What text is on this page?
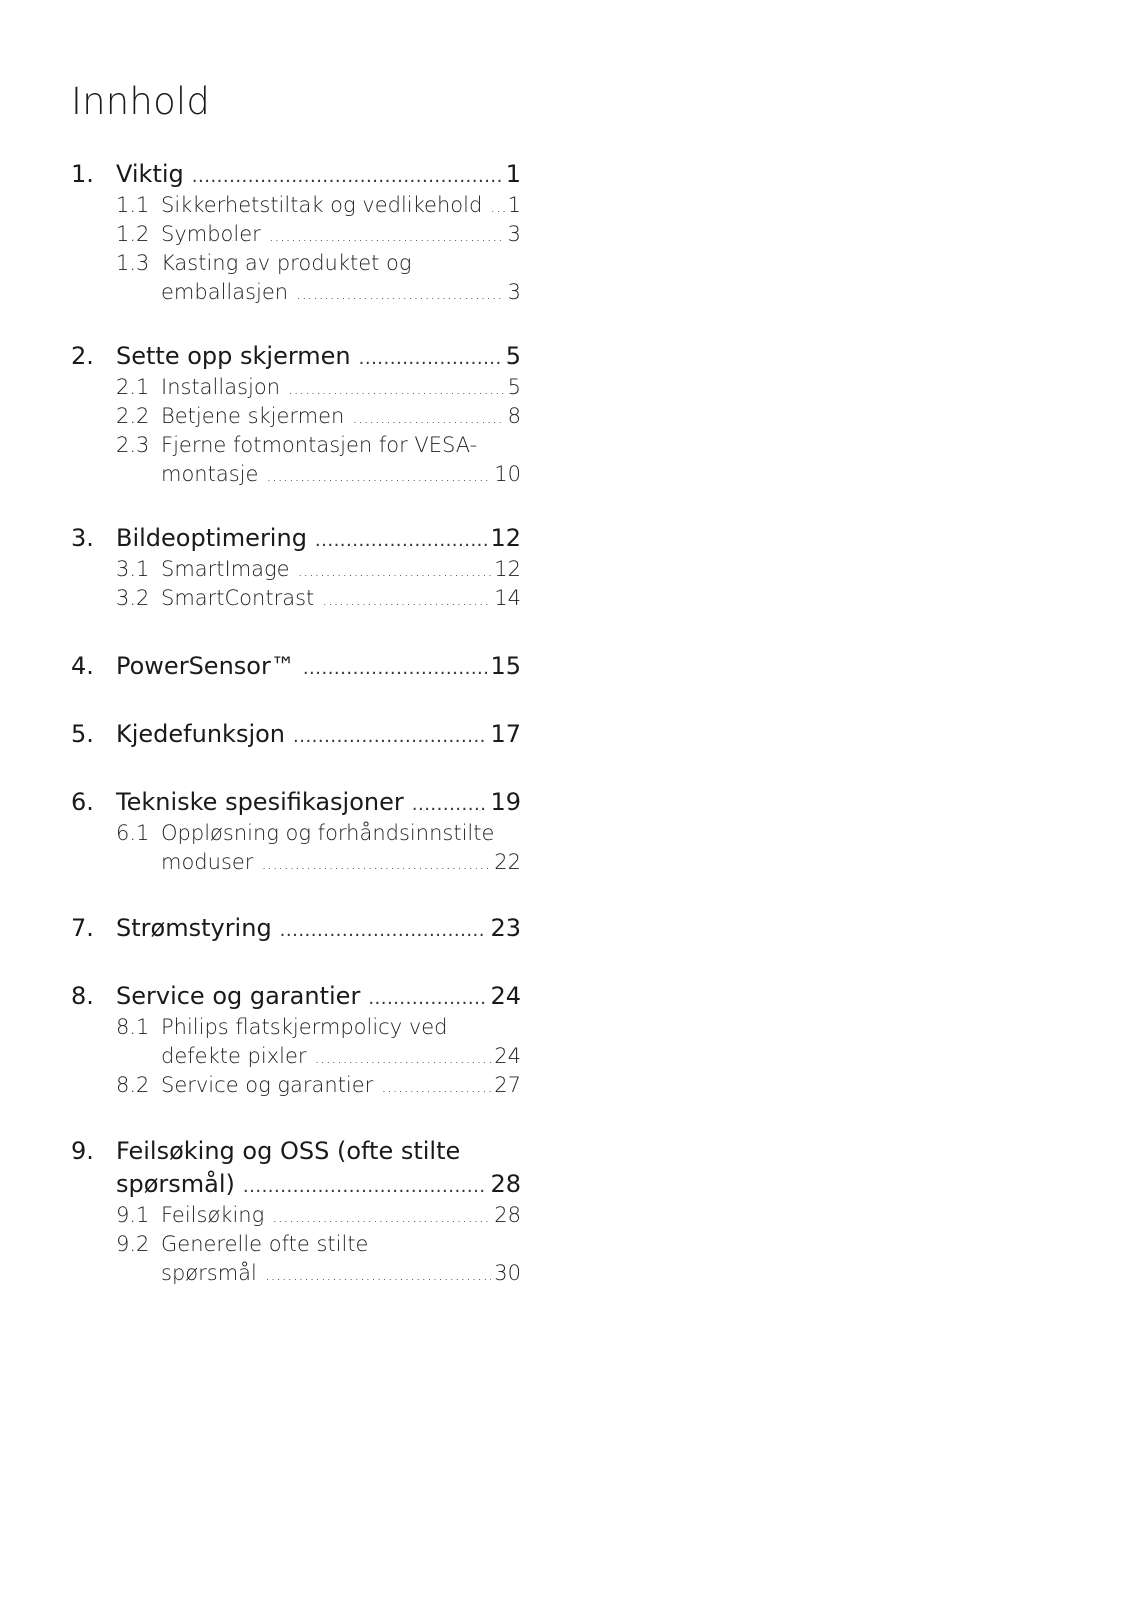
Innhold
1. Viktig .....	1
1.1 Sikkerhetstiltak og vedlikehold ..... 1
1.2 Symboler .....	3
1.3 Kasting av produktet og
emballasjen .....	3
2. Sette opp skjermen .....	5
2.1 Installasjon .....	5
2.2 Betjene skjermen .....	8
2.3 Fjerne fotmontasjen for VESA-
montasje .....	10
3. Bildeoptimering .....	12
3.1 SmartImage .....	12
3.2 SmartContrast .....	14
4. PowerSensor™ .....	15
5. Kjedefunksjon .....	17
6. Tekniske spesifikasjoner .....	19
6.1 Oppløsning og forhåndsinnstilte
moduser .....	22
7. Strømstyring .....	23
8. Service og garantier .....	24
8.1 Philips flatskjermpolicy ved
defekte pixler .....	24
8.2 Service og garantier .....	27
9. Feilsøking og OSS (ofte stilte
spørsmål) .....	28
9.1 Feilsøking .....	28
9.2 Generelle ofte stilte
spørsmål .....	30
